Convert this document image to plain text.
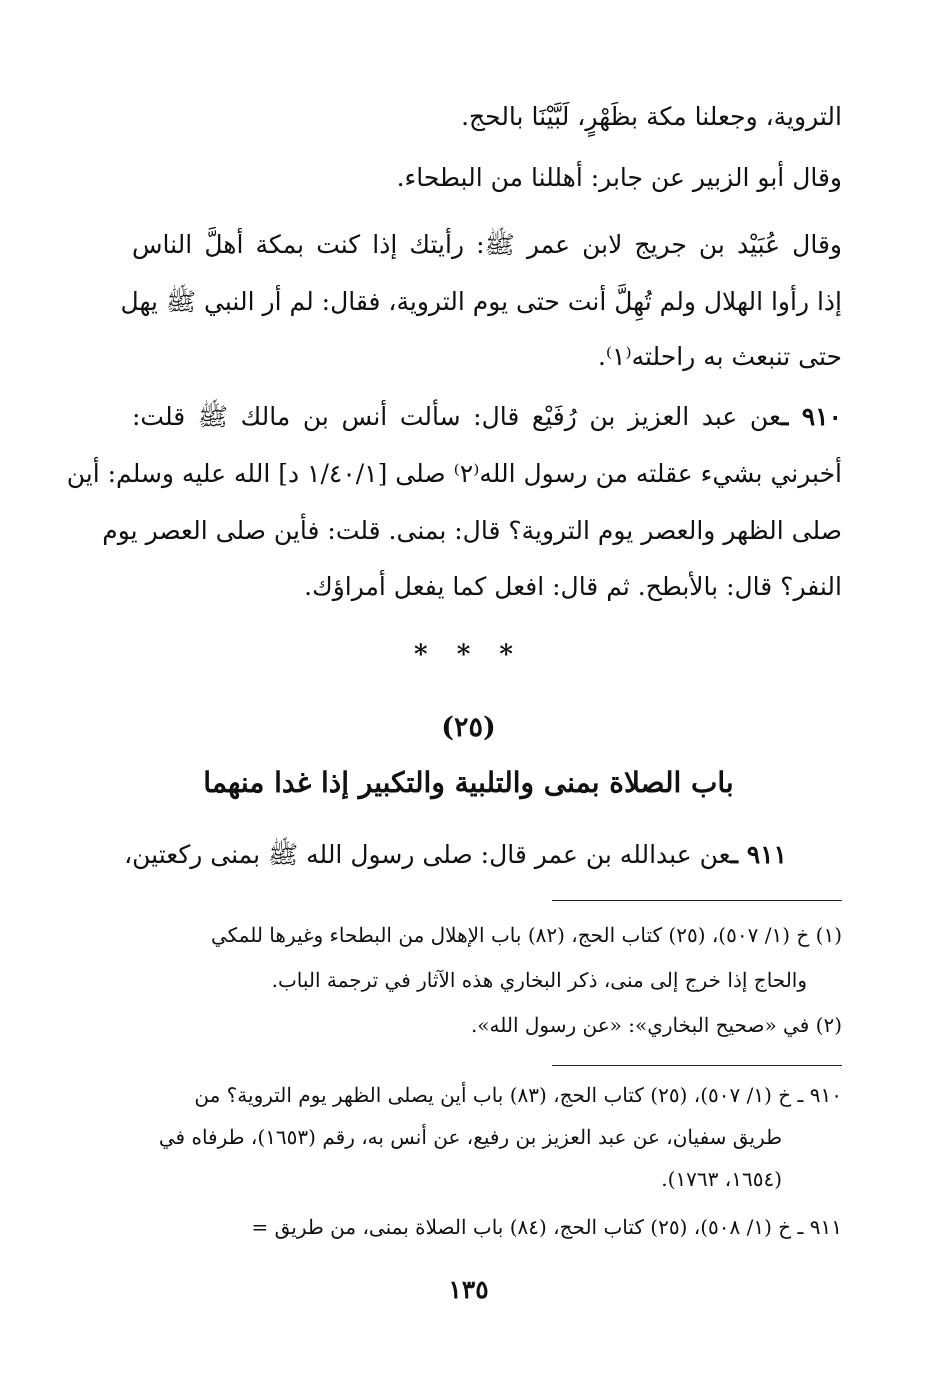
التروية، وجعلنا مكة بظَهْرٍ، لَبَّيْنَا بالحج.
وقال أبو الزبير عن جابر: أهللنا من البطحاء.
وقال عُبَيْد بن جريج لابن عمر ﷺ: رأيتك إذا كنت بمكة أهلَّ الناس
إذا رأوا الهلال ولم تُهِلَّ أنت حتى يوم التروية، فقال: لم أر النبي ﷺ يهل
حتى تنبعث به راحلته⁽١⁾.
٩١٠ ـعن عبد العزيز بن رُفَيْع قال: سألت أنس بن مالك ﷺ قلت:
أخبرني بشيء عقلته من رسول الله⁽٢⁾ صلى [١/٤٠/١ د] الله عليه وسلم: أين
صلى الظهر والعصر يوم التروية؟ قال: بمنى. قلت: فأين صلى العصر يوم
النفر؟ قال: بالأبطح. ثم قال: افعل كما يفعل أمراؤك.
* * *
(٢٥)
باب الصلاة بمنى والتلبية والتكبير إذا غدا منهما
٩١١ ـعن عبدالله بن عمر قال: صلى رسول الله ﷺ بمنى ركعتين،
(١) خ (١/ ٥٠٧)، (٢٥) كتاب الحج، (٨٢) باب الإهلال من البطحاء وغيرها للمكي
والحاج إذا خرج إلى منى، ذكر البخاري هذه الآثار في ترجمة الباب.
(٢) في «صحيح البخاري»: «عن رسول الله».
٩١٠ ـ خ (١/ ٥٠٧)، (٢٥) كتاب الحج، (٨٣) باب أين يصلى الظهر يوم التروية؟ من
طريق سفيان، عن عبد العزيز بن رفيع، عن أنس به، رقم (١٦٥٣)، طرفاه في
(١٦٥٤، ١٧٦٣).
٩١١ ـ خ (١/ ٥٠٨)، (٢٥) كتاب الحج، (٨٤) باب الصلاة بمنى، من طريق =
١٣٥
